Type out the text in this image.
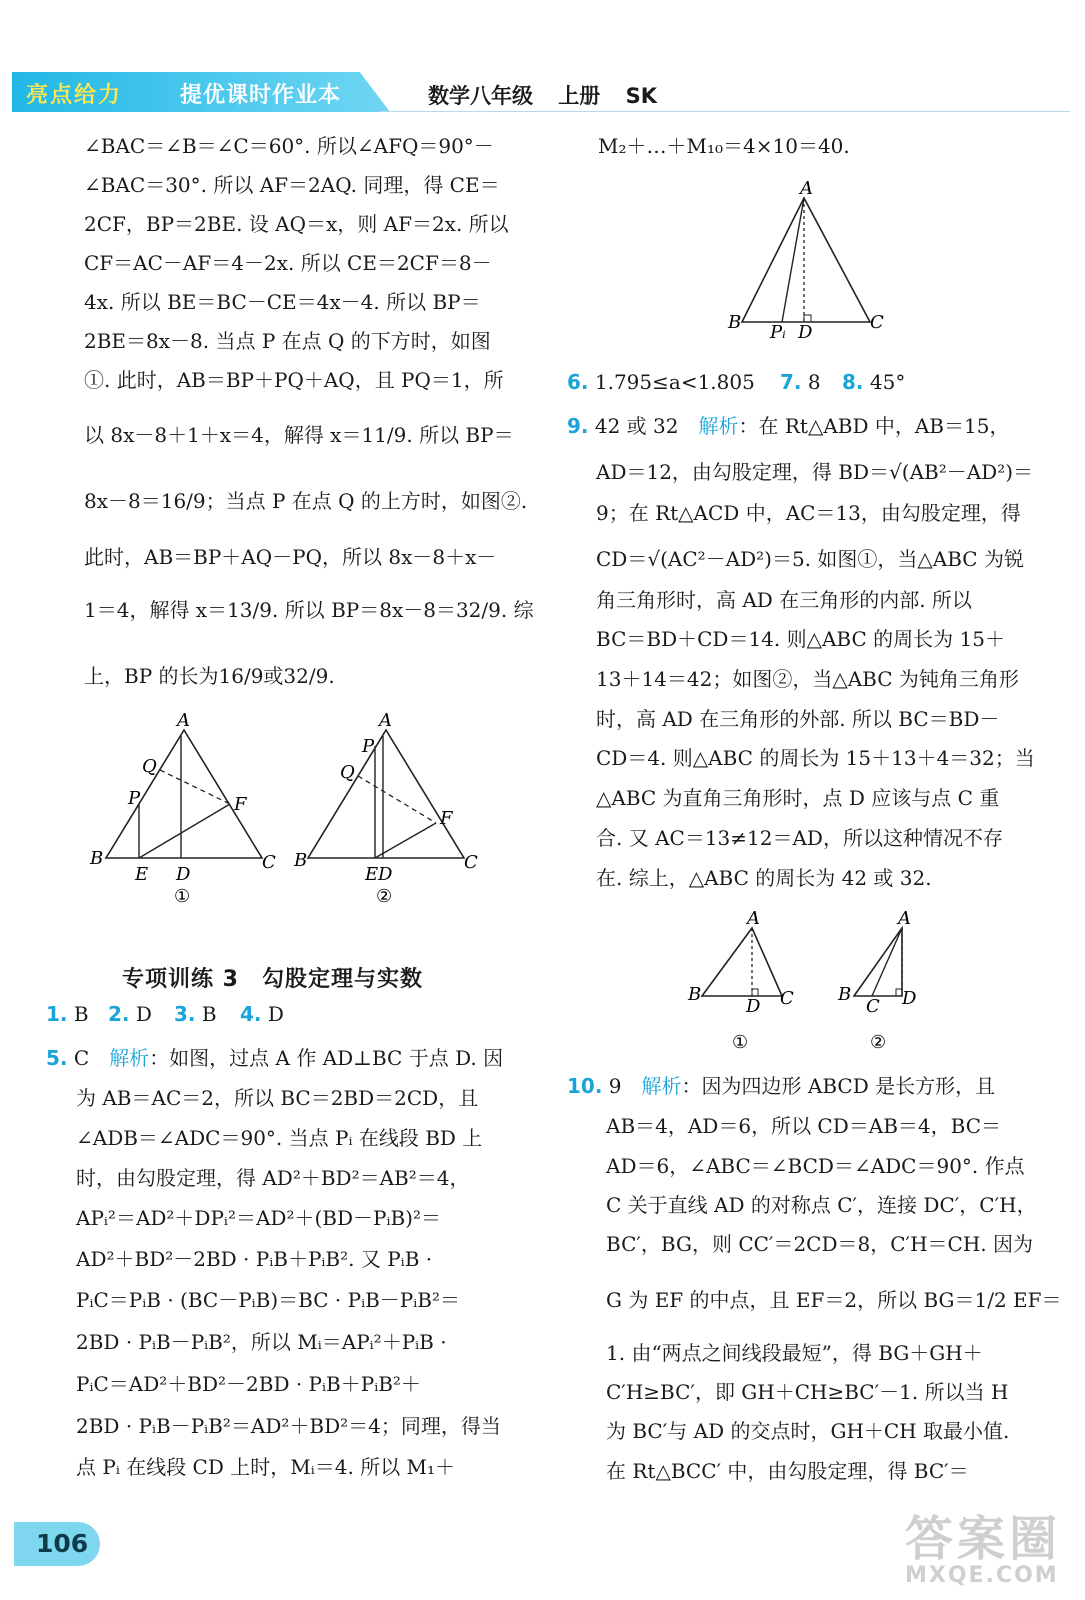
亮点给力	提优课时作业本	数学八年级 上册 SK
∠BAC＝∠B＝∠C＝60°. 所以∠AFQ＝90°－
∠BAC＝30°. 所以 AF＝2AQ. 同理，得 CE＝
2CF，BP＝2BE. 设 AQ＝x，则 AF＝2x. 所以
CF＝AC－AF＝4－2x. 所以 CE＝2CF＝8－
4x. 所以 BE＝BC－CE＝4x－4. 所以 BP＝
2BE＝8x－8. 当点 P 在点 Q 的下方时，如图
①. 此时，AB＝BP＋PQ＋AQ，且 PQ＝1，所
以 8x－8＋1＋x＝4，解得 x＝11/9. 所以 BP＝
8x－8＝16/9；当点 P 在点 Q 的上方时，如图②.
此时，AB＝BP＋AQ－PQ，所以 8x－8＋x－
1＝4，解得 x＝13/9. 所以 BP＝8x－8＝32/9. 综
上，BP 的长为16/9或32/9.
A
Q
P	F
B
E D
C
①
A
P
Q
F
B
E D
C
②
专项训练 3　勾股定理与实数
1. B 2. D 3. B 4. D
5. C　 解析：如图，过点 A 作 AD⊥BC 于点 D. 因
为 AB＝AC＝2，所以 BC＝2BD＝2CD，且
∠ADB＝∠ADC＝90°. 当点 Pᵢ 在线段 BD 上
时，由勾股定理，得 AD²＋BD²＝AB²＝4，
APᵢ²＝AD²＋DPᵢ²＝AD²＋(BD－PᵢB)²＝
AD²＋BD²－2BD · PᵢB＋PᵢB². 又 PᵢB ·
PᵢC＝PᵢB · (BC－PᵢB)＝BC · PᵢB－PᵢB²＝
2BD · PᵢB－PᵢB²，所以 Mᵢ＝APᵢ²＋PᵢB ·
PᵢC＝AD²＋BD²－2BD · PᵢB＋PᵢB²＋
2BD · PᵢB－PᵢB²＝AD²＋BD²＝4；同理，得当
点 Pᵢ 在线段 CD 上时，Mᵢ＝4. 所以 M₁＋
M₂＋…＋M₁₀＝4×10＝40.
A
B Pᵢ D	C
6. 1.795≤a<1.805 7. 8 8. 45°
9. 42 或 32　 解析：在 Rt△ABD 中，AB＝15，
AD＝12，由勾股定理，得 BD＝√(AB²－AD²)＝
9；在 Rt△ACD 中，AC＝13，由勾股定理，得
CD＝√(AC²－AD²)＝5. 如图①，当△ABC 为锐
角三角形时，高 AD 在三角形的内部. 所以
BC＝BD＋CD＝14. 则△ABC 的周长为 15＋
13＋14＝42；如图②，当△ABC 为钝角三角形
时，高 AD 在三角形的外部. 所以 BC＝BD－
CD＝4. 则△ABC 的周长为 15＋13＋4＝32；当
△ABC 为直角三角形时，点 D 应该与点 C 重
合. 又 AC＝13≠12＝AD，所以这种情况不存
在. 综上，△ABC 的周长为 42 或 32.
A
B
D C
①
A
B
C D
②
10. 9　 解析：因为四边形 ABCD 是长方形，且
AB＝4，AD＝6，所以 CD＝AB＝4，BC＝
AD＝6，∠ABC＝∠BCD＝∠ADC＝90°. 作点
C 关于直线 AD 的对称点 C′，连接 DC′，C′H，
BC′，BG，则 CC′＝2CD＝8，C′H＝CH. 因为
G 为 EF 的中点，且 EF＝2，所以 BG＝1/2 EF＝
1. 由“两点之间线段最短”，得 BG＋GH＋
C′H≥BC′，即 GH＋CH≥BC′－1. 所以当 H
为 BC′与 AD 的交点时，GH＋CH 取最小值.
在 Rt△BCC′ 中，由勾股定理，得 BC′＝
106	答案圈
MXQE.COM
